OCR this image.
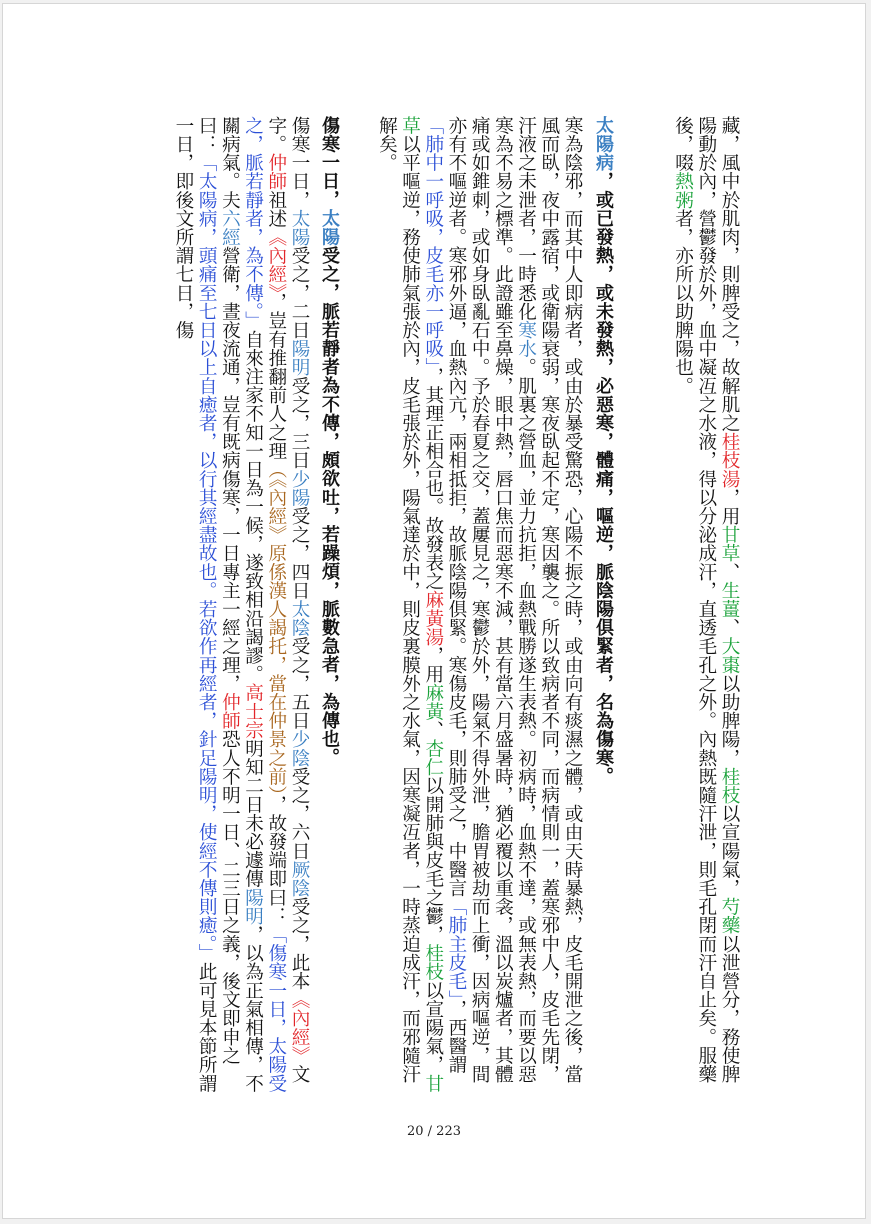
藏，風中於肌肉，則脾受之，故解肌之桂枝湯，用甘草、生薑、大棗以助脾陽，桂枝以宣陽氣，芍藥以泄營分，務使脾陽動於內，營鬱發於外，血中凝冱之水液，得以分泌成汗，直透毛孔之外。內熱既隨汗泄，則毛孔閉而汗自止矣。服藥後，啜熱粥者，亦所以助脾陽也。

太陽病，或已發熱，或未發熱，必惡寒，體痛，嘔逆，脈陰陽俱緊者，名為傷寒。

寒為陰邪，而其中人即病者，或由於暴受驚恐，心陽不振之時，或由向有痰濕之體，或由天時暴熱，皮毛開泄之後，當風而臥，夜中露宿，或衛陽衰弱，寒夜臥起不定，寒因襲之。所以致病者不同，而病情則一，蓋寒邪中人，皮毛先閉，汗液之未泄者，一時悉化寒水。肌裏之營血，並力抗拒，血熱戰勝遂生表熱。初病時，血熱不達，或無表熱，而要以惡寒為不易之標準。此證雖至鼻燥，眼中熱，唇口焦而惡寒不減，甚有當六月盛暑時，猶必覆以重衾，溫以炭爐者，其體痛或如錐刺，或如身臥亂石中。予於春夏之交，蓋屢見之，寒鬱於外，陽氣不得外泄，膽胃被劫而上衝，因病嘔逆，間亦有不嘔逆者。寒邪外逼，血熱內亢，兩相抵拒，故脈陰陽俱緊。寒傷皮毛，則肺受之，中醫言「肺主皮毛」，西醫謂「肺中一呼吸，皮毛亦一呼吸」，其理正相合也。故發表之麻黃湯，用麻黃、杏仁以開肺與皮毛之鬱，桂枝以宣陽氣，甘草以平嘔逆，務使肺氣張於內，皮毛張於外，陽氣達於中，則皮裏膜外之水氣，因寒凝冱者，一時蒸迫成汗，而邪隨汗解矣。

傷寒一日，太陽受之，脈若靜者為不傳，頗欲吐，若躁煩，脈數急者，為傳也。

傷寒一日，太陽受之，二日陽明受之，三日少陽受之，四日太陰受之，五日少陰受之，六日厥陰受之，此本《內經》文字。仲師祖述《內經》，豈有推翻前人之理（《內經》原係漢人謁托，當在仲景之前），故發端即曰：「傷寒一日，太陽受之，脈若靜者，為不傳。」自來注家不知一日為一候，遂致相沿謁謬。高士宗明知二日未必遽傳陽明，以為正氣相傳，不關病氣。夫六經營衛，晝夜流通，豈有既病傷寒，一日專主一經之理，仲師恐人不明一日、二三日之義，後文即申之曰：「太陽病，頭痛至七日以上自癒者，以行其經盡故也。若欲作再經者，針足陽明，使經不傳則癒。」此可見本節所謂一日，即後文所謂七日，傷

20 / 223
